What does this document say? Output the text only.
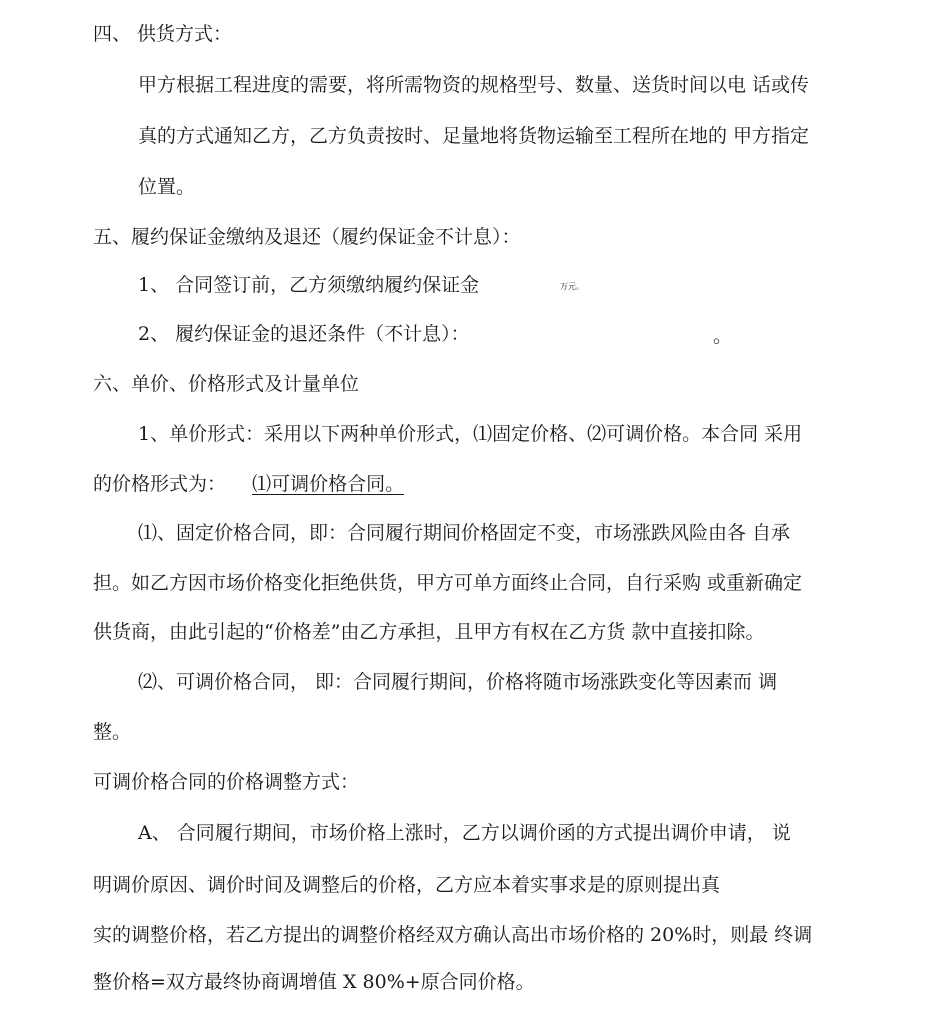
四、 供货方式：
甲方根据工程进度的需要，将所需物资的规格型号、数量、送货时间以电 话或传
真的方式通知乙方，乙方负责按时、足量地将货物运输至工程所在地的 甲方指定
位置。
五、履约保证金缴纳及退还（履约保证金不计息）：
1、 合同签订前，乙方须缴纳履约保证金	万元。
2、 履约保证金的退还条件（不计息）：	。
六、单价、价格形式及计量单位
1、单价形式：采用以下两种单价形式，⑴固定价格、⑵可调价格。本合同 采用
的价格形式为： ⑴可调价格合同。
⑴、固定价格合同，即：合同履行期间价格固定不变，市场涨跌风险由各 自承
担。如乙方因市场价格变化拒绝供货，甲方可单方面终止合同，自行采购 或重新确定
供货商，由此引起的“价格差”由乙方承担，且甲方有权在乙方货 款中直接扣除。
⑵、可调价格合同， 即：合同履行期间，价格将随市场涨跌变化等因素而 调
整。
可调价格合同的价格调整方式：
A、 合同履行期间，市场价格上涨时，乙方以调价函的方式提出调价申请， 说
明调价原因、调价时间及调整后的价格，乙方应本着实事求是的原则提出真
实的调整价格，若乙方提出的调整价格经双方确认高出市场价格的 20%时，则最 终调
整价格=双方最终协商调增值 X 80%+原合同价格。
